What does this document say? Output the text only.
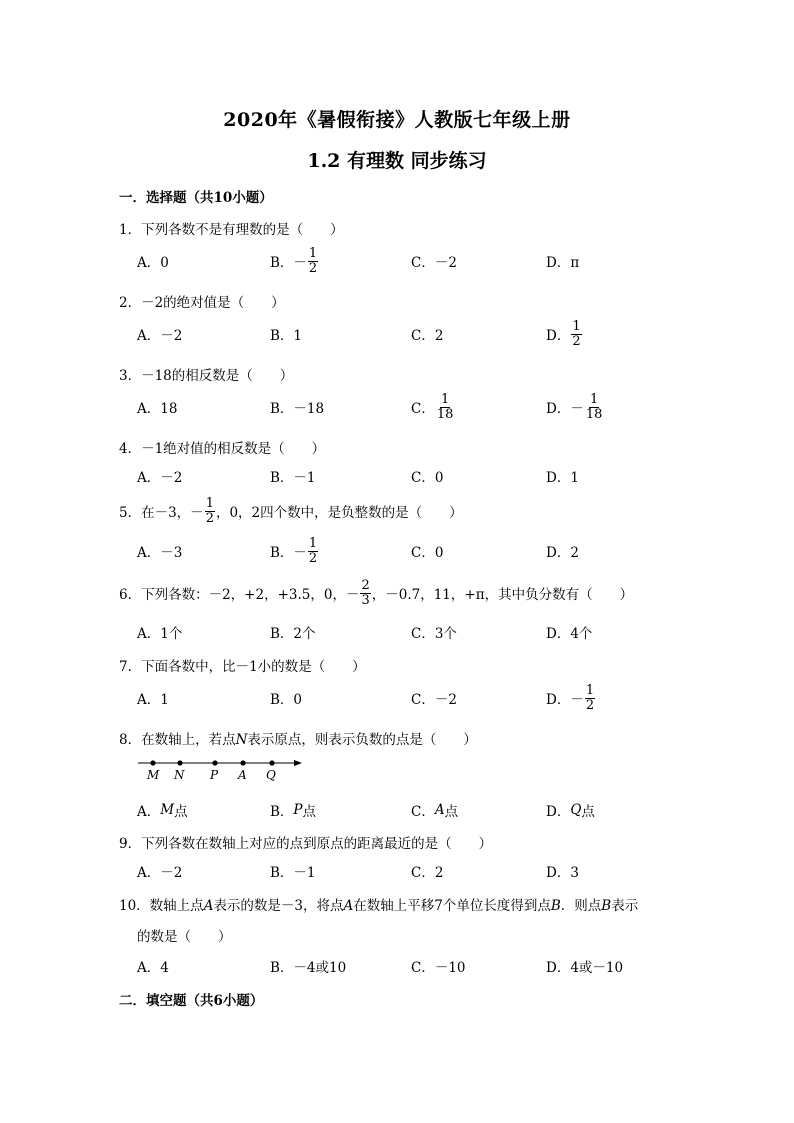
2020年《暑假衔接》人教版七年级上册
1.2 有理数 同步练习
一．选择题（共10小题）
1．下列各数不是有理数的是（　　）
A．0	B．－ $\frac{1}{2}$	C．－2	D．π
2．－2的绝对值是（　　）
A．－2	B．1	C．2	D． $\frac{1}{2}$
3．－18的相反数是（　　）
A．18	B．－18	C． $\frac{1}{18}$	D．－ $\frac{1}{18}$
4．－1绝对值的相反数是（　　）
A．－2	B．－1	C．0	D．1
5．在－3，－ $\frac{1}{2}$ ，0，2四个数中，是负整数的是（　　）
A．－3	B．－ $\frac{1}{2}$	C．0	D．2
6．下列各数：－2，+2，+3.5，0，－ $\frac{2}{3}$ ，－0.7，11，+π，其中负分数有（　　）
A．1个	B．2个	C．3个	D．4个
7．下面各数中，比－1小的数是（　　）
A．1	B．0	C．－2	D．－ $\frac{1}{2}$
8．在数轴上，若点N表示原点，则表示负数的点是（　　）
M N P A Q
A． M 点	B． P 点	C． A 点	D． Q 点
9．下列各数在数轴上对应的点到原点的距离最近的是（　　）
A．－2	B．－1	C．2	D．3
10．数轴上点A表示的数是－3，将点A在数轴上平移7个单位长度得到点B．则点B表示
的数是（　　）
A．4	B．－4或10	C．－10	D．4或－10
二．填空题（共6小题）
